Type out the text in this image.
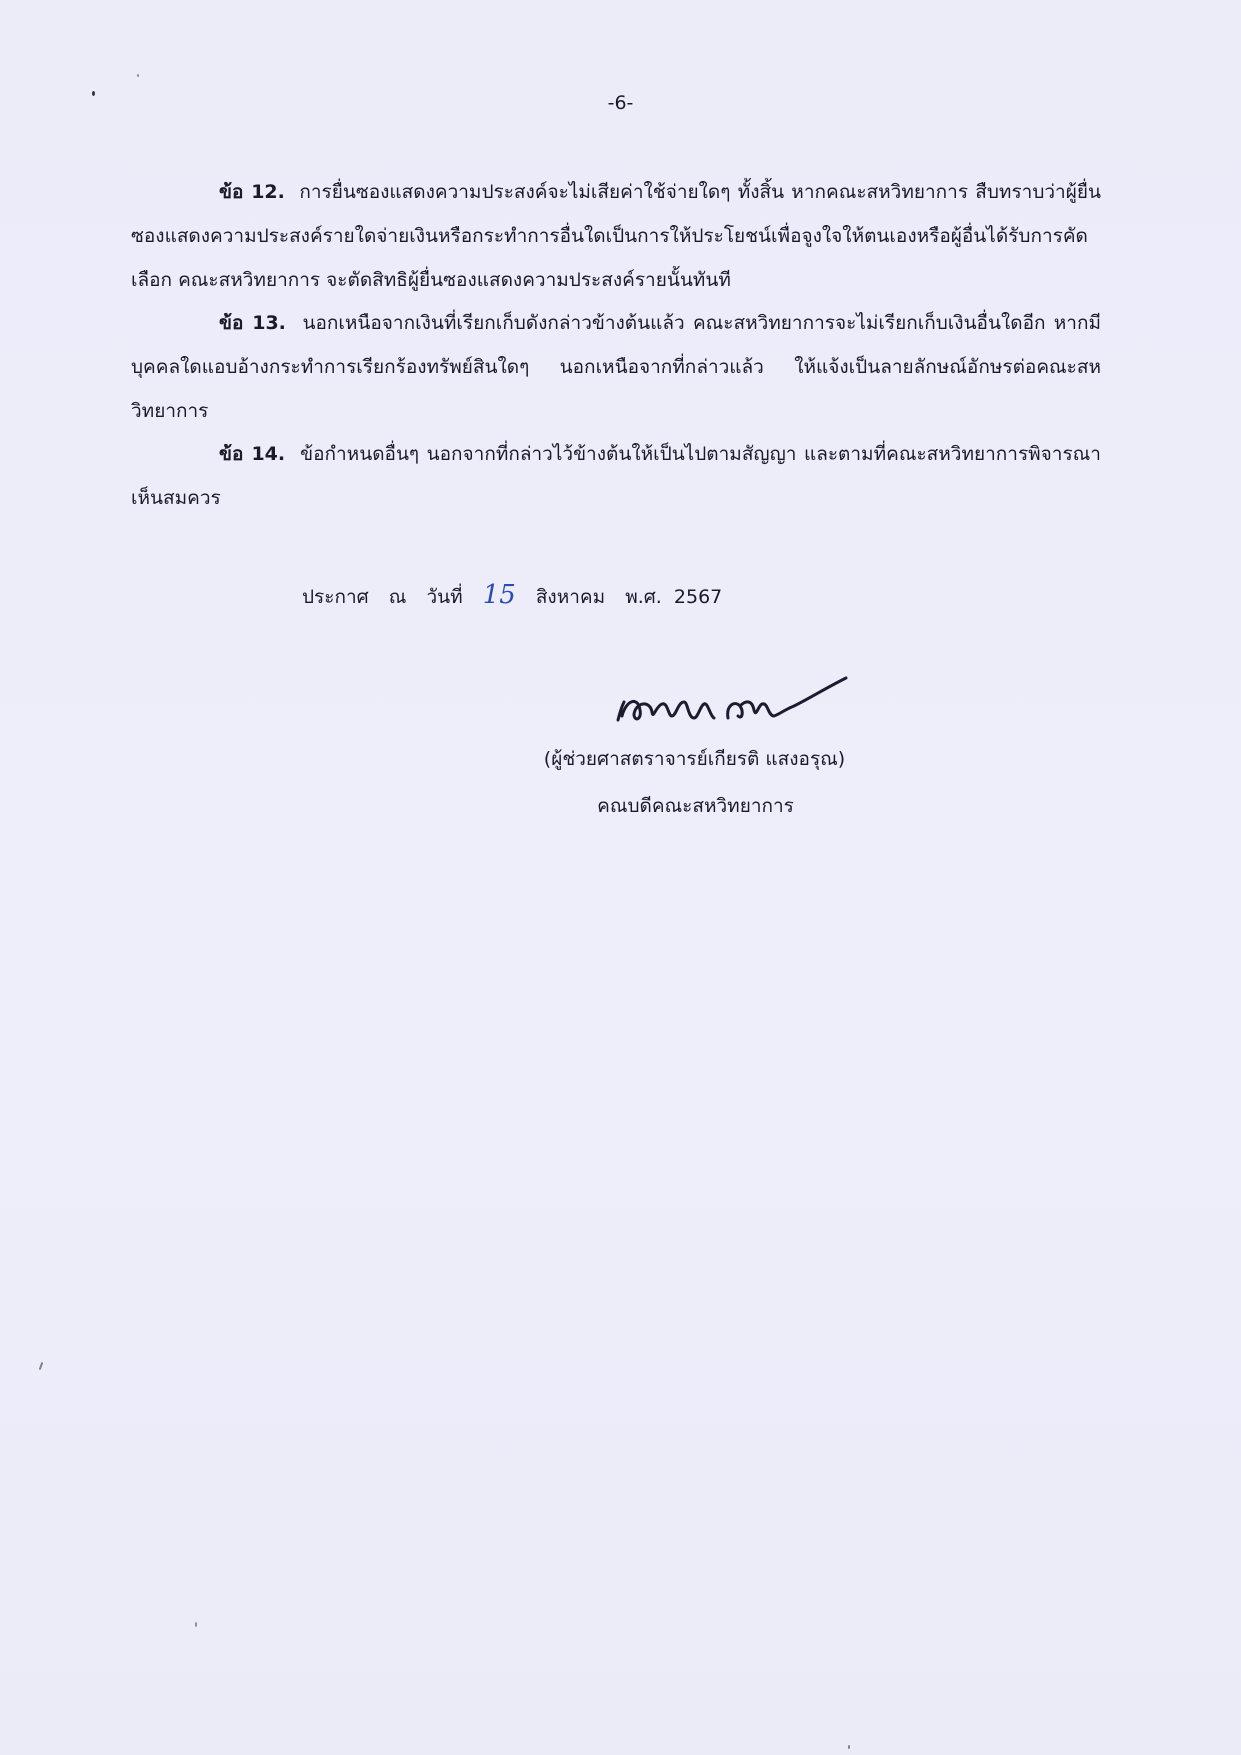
-6-

ข้อ 12. การยื่นซองแสดงความประสงค์จะไม่เสียค่าใช้จ่ายใดๆ ทั้งสิ้น หากคณะสหวิทยาการ สืบทราบว่าผู้ยื่นซองแสดงความประสงค์รายใดจ่ายเงินหรือกระทำการอื่นใดเป็นการให้ประโยชน์เพื่อจูงใจให้ตนเองหรือผู้อื่นได้รับการคัดเลือก คณะสหวิทยาการ จะตัดสิทธิผู้ยื่นซองแสดงความประสงค์รายนั้นทันที

ข้อ 13. นอกเหนือจากเงินที่เรียกเก็บดังกล่าวข้างต้นแล้ว คณะสหวิทยาการจะไม่เรียกเก็บเงินอื่นใดอีก หากมีบุคคลใดแอบอ้างกระทำการเรียกร้องทรัพย์สินใดๆ นอกเหนือจากที่กล่าวแล้ว ให้แจ้งเป็นลายลักษณ์อักษรต่อคณะสหวิทยาการ

ข้อ 14. ข้อกำหนดอื่นๆ นอกจากที่กล่าวไว้ข้างต้นให้เป็นไปตามสัญญา และตามที่คณะสหวิทยาการพิจารณาเห็นสมควร

ประกาศ ณ วันที่ 15 สิงหาคม พ.ศ. 2567
(ผู้ช่วยศาสตราจารย์เกียรติ แสงอรุณ)
คณบดีคณะสหวิทยาการ
